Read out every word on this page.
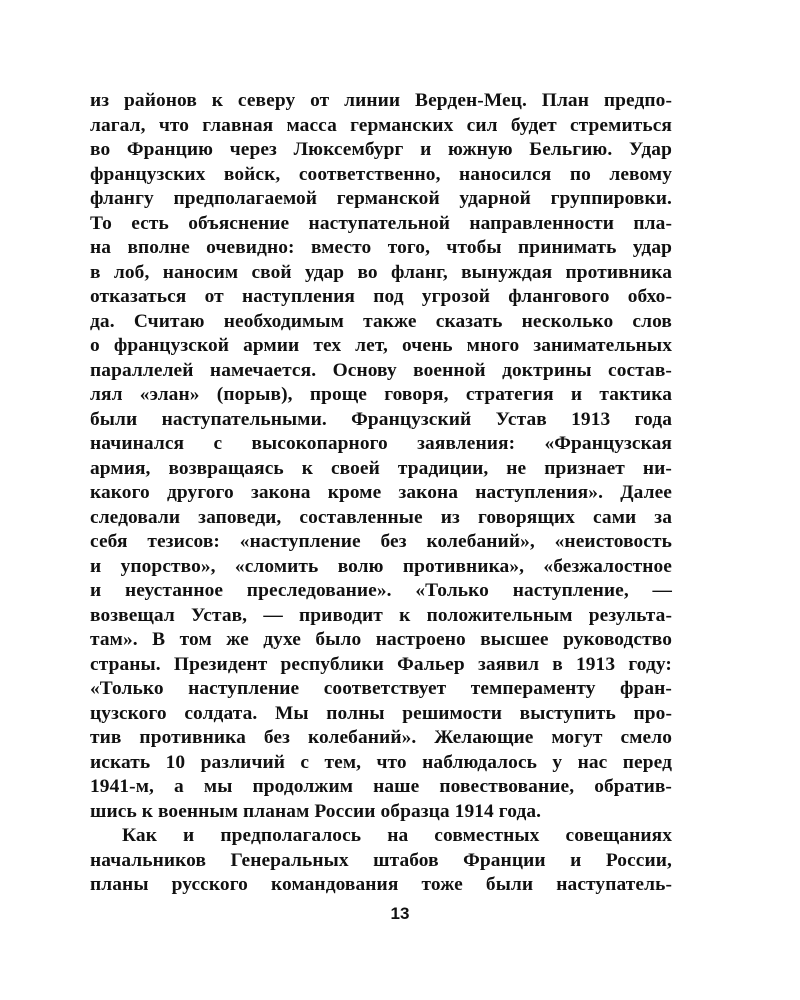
из районов к северу от линии Верден-Мец. План предпо-
лагал, что главная масса германских сил будет стремиться
во Францию через Люксембург и южную Бельгию. Удар
французских войск, соответственно, наносился по левому
флангу предполагаемой германской ударной группировки.
То есть объяснение наступательной направленности пла-
на вполне очевидно: вместо того, чтобы принимать удар
в лоб, наносим свой удар во фланг, вынуждая противника
отказаться от наступления под угрозой флангового обхо-
да. Считаю необходимым также сказать несколько слов
о французской армии тех лет, очень много занимательных
параллелей намечается. Основу военной доктрины состав-
лял «элан» (порыв), проще говоря, стратегия и тактика
были наступательными. Французский Устав 1913 года
начинался с высокопарного заявления: «Французская
армия, возвращаясь к своей традиции, не признает ни-
какого другого закона кроме закона наступления». Далее
следовали заповеди, составленные из говорящих сами за
себя тезисов: «наступление без колебаний», «неистовость
и упорство», «сломить волю противника», «безжалостное
и неустанное преследование». «Только наступление, —
возвещал Устав, — приводит к положительным результа-
там». В том же духе было настроено высшее руководство
страны. Президент республики Фальер заявил в 1913 году:
«Только наступление соответствует темпераменту фран-
цузского солдата. Мы полны решимости выступить про-
тив противника без колебаний». Желающие могут смело
искать 10 различий с тем, что наблюдалось у нас перед
1941-м, а мы продолжим наше повествование, обратив-
шись к военным планам России образца 1914 года.
Как и предполагалось на совместных совещаниях
начальников Генеральных штабов Франции и России,
планы русского командования тоже были наступатель-
13
